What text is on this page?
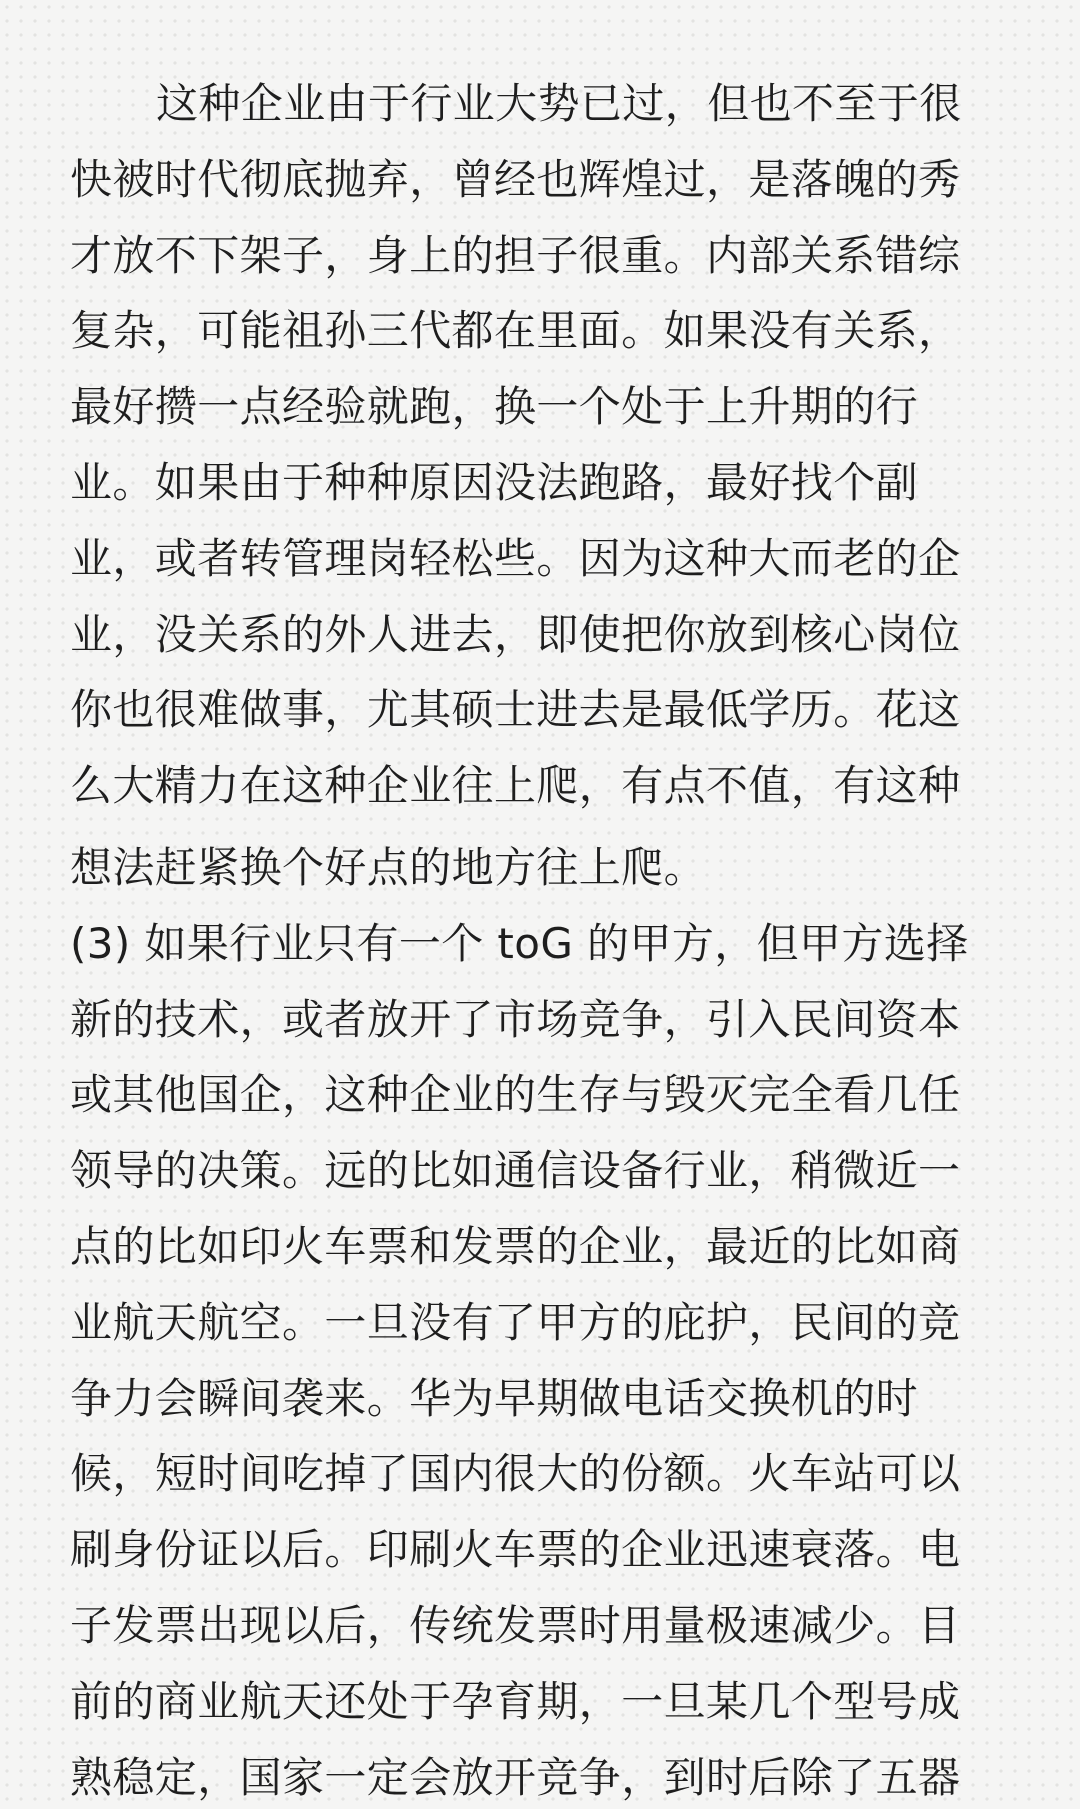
这种企业由于行业大势已过，但也不至于很
快被时代彻底抛弃，曾经也辉煌过，是落魄的秀
才放不下架子，身上的担子很重。内部关系错综
复杂，可能祖孙三代都在里面。如果没有关系，
最好攒一点经验就跑，换一个处于上升期的行
业。如果由于种种原因没法跑路，最好找个副
业，或者转管理岗轻松些。因为这种大而老的企
业，没关系的外人进去，即使把你放到核心岗位
你也很难做事，尤其硕士进去是最低学历。花这
么大精力在这种企业往上爬，有点不值，有这种
想法赶紧换个好点的地方往上爬。
(3) 如果行业只有一个 toG 的甲方，但甲方选择
新的技术，或者放开了市场竞争，引入民间资本
或其他国企，这种企业的生存与毁灭完全看几任
领导的决策。远的比如通信设备行业，稍微近一
点的比如印火车票和发票的企业，最近的比如商
业航天航空。一旦没有了甲方的庇护，民间的竞
争力会瞬间袭来。华为早期做电话交换机的时
候，短时间吃掉了国内很大的份额。火车站可以
刷身份证以后。印刷火车票的企业迅速衰落。电
子发票出现以后，传统发票时用量极速减少。目
前的商业航天还处于孕育期，一旦某几个型号成
熟稳定，国家一定会放开竞争，到时后除了五器
